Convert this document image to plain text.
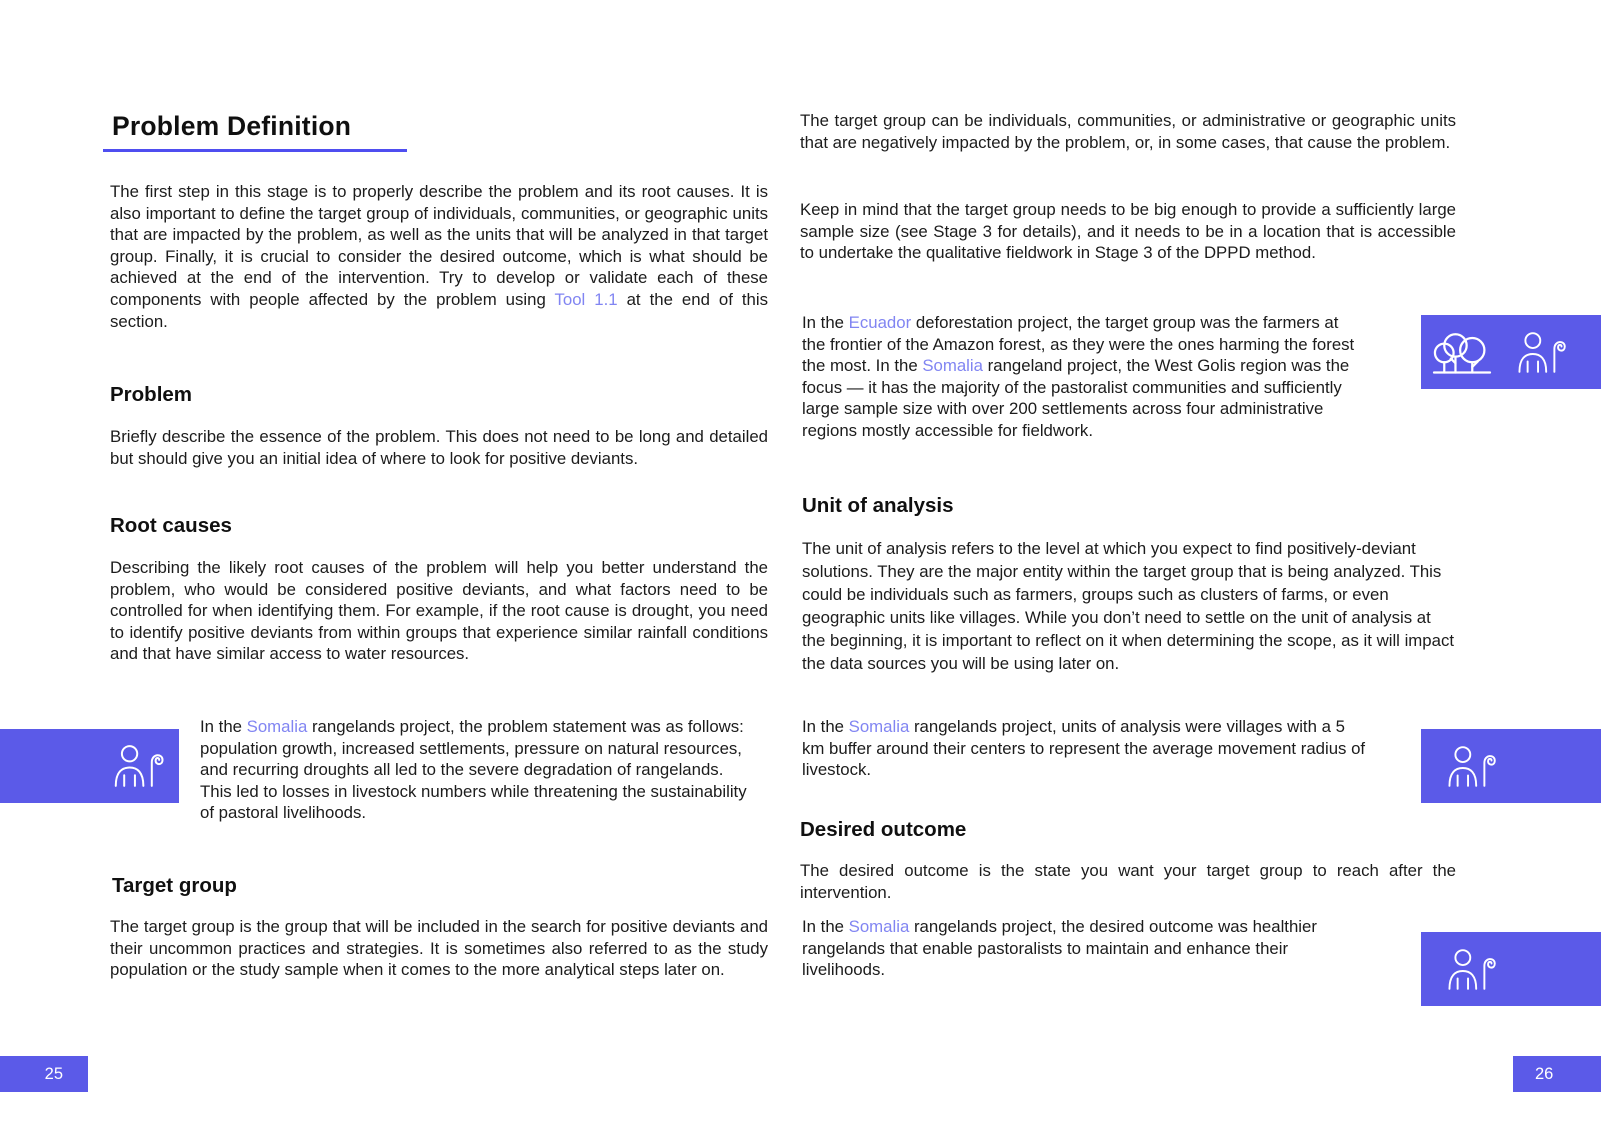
Problem Definition
The first step in this stage is to properly describe the problem and its root causes. It is also important to define the target group of individuals, communities, or geographic units that are impacted by the problem, as well as the units that will be analyzed in that target group. Finally, it is crucial to consider the desired outcome, which is what should be achieved at the end of the intervention. Try to develop or validate each of these components with people affected by the problem using Tool 1.1 at the end of this section.
Problem
Briefly describe the essence of the problem. This does not need to be long and detailed but should give you an initial idea of where to look for positive deviants.
Root causes
Describing the likely root causes of the problem will help you better understand the problem, who would be considered positive deviants, and what factors need to be controlled for when identifying them. For example, if the root cause is drought, you need to identify positive deviants from within groups that experience similar rainfall conditions and that have similar access to water resources.
In the Somalia rangelands project, the problem statement was as follows: population growth, increased settlements, pressure on natural resources, and recurring droughts all led to the severe degradation of rangelands. This led to losses in livestock numbers while threatening the sustainability of pastoral livelihoods.
Target group
The target group is the group that will be included in the search for positive deviants and their uncommon practices and strategies. It is sometimes also referred to as the study population or the study sample when it comes to the more analytical steps later on.
25
The target group can be individuals, communities, or administrative or geographic units that are negatively impacted by the problem, or, in some cases, that cause the problem.
Keep in mind that the target group needs to be big enough to provide a sufficiently large sample size (see Stage 3 for details), and it needs to be in a location that is accessible to undertake the qualitative fieldwork in Stage 3 of the DPPD method.
In the Ecuador deforestation project, the target group was the farmers at the frontier of the Amazon forest, as they were the ones harming the forest the most. In the Somalia rangeland project, the West Golis region was the focus — it has the majority of the pastoralist communities and sufficiently large sample size with over 200 settlements across four administrative regions mostly accessible for fieldwork.
Unit of analysis
The unit of analysis refers to the level at which you expect to find positively-deviant solutions. They are the major entity within the target group that is being analyzed. This could be individuals such as farmers, groups such as clusters of farms, or even geographic units like villages. While you don’t need to settle on the unit of analysis at the beginning, it is important to reflect on it when determining the scope, as it will impact the data sources you will be using later on.
In the Somalia rangelands project, units of analysis were villages with a 5 km buffer around their centers to represent the average movement radius of livestock.
Desired outcome
The desired outcome is the state you want your target group to reach after the intervention.
In the Somalia rangelands project, the desired outcome was healthier rangelands that enable pastoralists to maintain and enhance their livelihoods.
26
